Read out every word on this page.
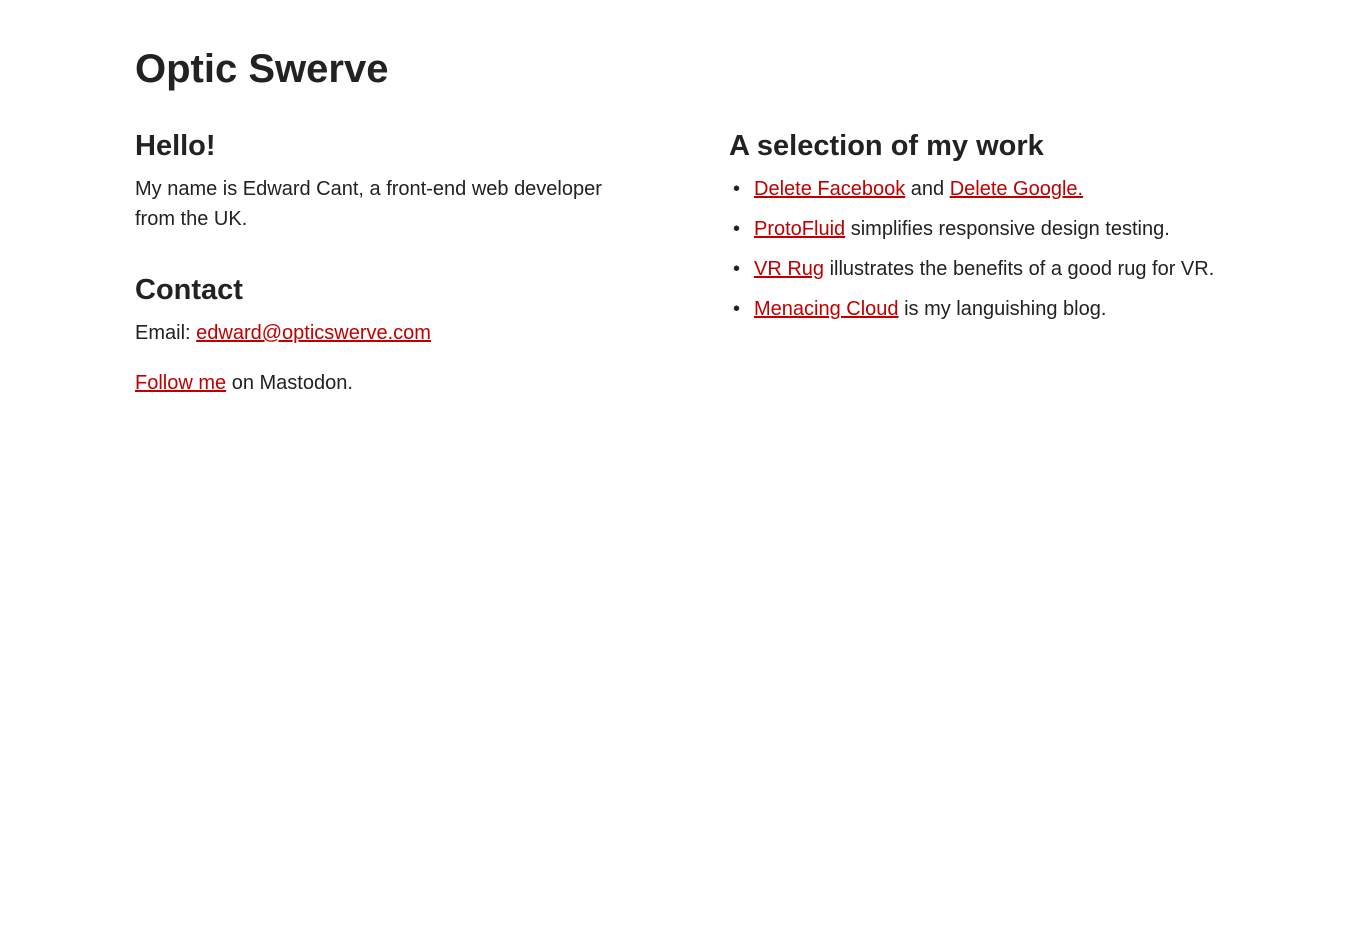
Optic Swerve
Hello!

My name is Edward Cant, a front-end web developer from the UK.

Contact

Email: edward@opticswerve.com

Follow me on Mastodon.

A selection of my work
• Delete Facebook and Delete Google.
• ProtoFluid simplifies responsive design testing.
• VR Rug illustrates the benefits of a good rug for VR.
• Menacing Cloud is my languishing blog.
